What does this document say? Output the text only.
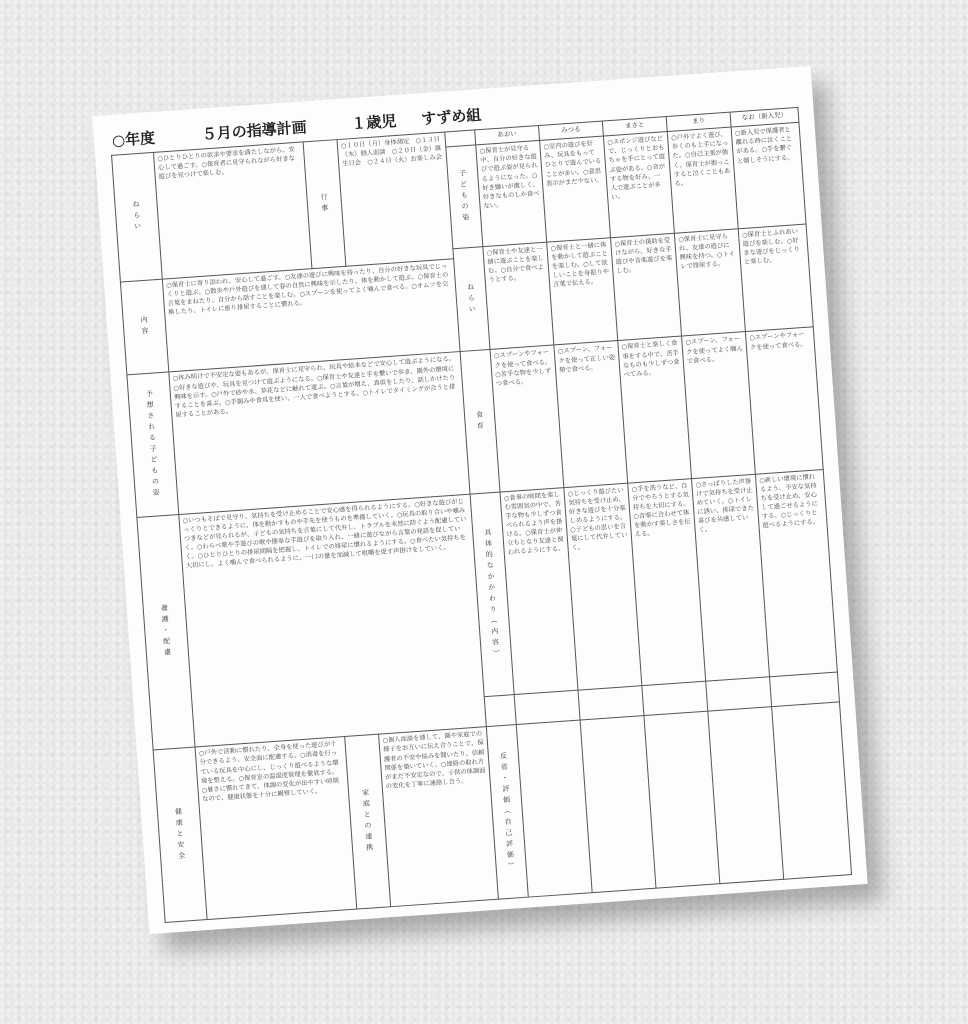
○年度	５月の指導計画	１歳児	すずめ組
ねらい	○ひとりひとりの欲求や要求を満たしながら、安心して過ごす。○保育者に見守られながら好きな遊びを見つけて楽しむ。	行事	○１０日（月）身体測定　○１３日（木）個人面談　○２０日（金）誕生日会　○２４日（火）お楽しみ会		あおい	みつる	まさと	まり	なお（新入児）
				子どもの姿	○保育士が見守る中、自分の好きな遊びで遊ぶ姿が見られるようになった。○好き嫌いが激しく、好きなものしか食べない。	○室内の遊びを好み、玩具をもってひとりで遊んでいることが多い。○意思表示がまだ少ない。	○スポンジ遊びなどで、じっくりとおもちゃを手にとって遊ぶ姿がある。○音がする物を好み、一人で遊ぶことが多い。	○戸外でよく遊び、歩くのも上手になった。○自己主張が強く、保育士が抱っこすると泣くこともある。	○新入児で保護者と離れる時に泣くことがある。○手を繋ぐと嬉しそうにする。
				ねらい	○保育士や友達と一緒に遊ぶことを楽しむ。○自分で食べようとする。	○保育士と一緒に体を動かして遊ぶことを楽しむ。○して欲しいことを身振りや言葉で伝える。	○保育士の援助を受けながら、好きな手遊びや音楽遊びを楽しむ。	○保育士に見守られ、友達の遊びに興味を持つ。○トイレで排尿する。	○保育士とふれあい遊びを楽しむ。○好きな遊びをじっくりと楽しむ。
内容	○保育士に寄り添われ、安心して過ごす。○友達の遊びに興味を持ったり、自分の好きな玩具でじっくりと遊ぶ。○散歩や戸外遊びを通して春の自然に興味を示したり、体を動かして遊ぶ。○保育士の言葉をまねたり、自分から話すことを楽しむ。○スプーンを使ってよく噛んで食べる。○オムツを交換したり、トイレに座り排尿することに慣れる。								
予想される子どもの姿	○休み明けで不安定な姿もあるが、保育士に見守られ、玩具や絵本などで安心して遊ぶようになる。○好きな遊びや、玩具を見つけて遊ぶようになる。○保育士や友達と手を繋いで歩き、園外の環境に興味を示す。○戸外で砂や水、草花などに触れて遊ぶ。○言葉が増え、真似をしたり、話しかけたりすることを喜ぶ。○手掴みや食具を使い、一人で食べようとする。○トイレでタイミングが合うと排尿することがある。			食育	○スプーンやフォークを使って食べる。○苦手な物を少しずつ食べる。	○スプーン、フォークを使って正しい姿勢で食べる。	○保育士と楽しく食事をする中で、苦手なものも少しずつ食べてみる。	○スプーン、フォークを使ってよく噛んで食べる。	○スプーンやフォークを使って食べる。
養護・配慮	○いつもそばで見守り、気持ちを受け止めることで安心感を得られるようにする。○好きな遊びがじっくりとできるように、体を動かすものや手先を使うものを準備していく。○玩具の取り合いや噛みつきなどが見られるが、子どもの気持ちを言葉にして代弁し、トラブルを未然に防ぐよう配慮していく。○わらべ歌や手遊びの歌や簡単な手遊びを取り入れ、一緒に遊びながら言葉の発語を促していく。○ひとりひとりの排尿間隔を把握し、トイレでの排尿に慣れるようにする。○食べたい気持ちを大切にし、よく噛んで食べられるように、一口の量を加減して咀嚼を促す声掛けをしていく。			具体的なかかわり（内容）	○食事の時間を楽しむ雰囲気の中で、苦手な物も少しずつ食べられるよう声を掛ける。○保育士が仲立ちとなり友達と関われるようにする。	○じっくり遊びたい気持ちを受け止め、好きな遊びを十分楽しめるようにする。○子どもの思いを言葉にして代弁していく。	○手を洗うなど、自分でやろうとする気持ちを大切にする。○音楽に合わせて体を動かす楽しさを伝える。	○さっぱりした声掛けで気持ちを受け止めていく。○トイレに誘い、排尿できた喜びを共感していく。	○新しい環境に慣れるよう、不安な気持ちを受け止め、安心して過ごせるようにする。○じっくりと遊べるようにする。

健康と安全	○戸外で活動に慣れたり、全身を使った遊びが十分できるよう、安全面に配慮する。○消毒を行っている玩具を中心にし、じっくり遊べるような環境を整える。○保育室の温湿度管理を徹底する。○暑さに慣れてきて、体調の変化が出やすい時期なので、健康状態を十分に観察していく。	家庭との連携	○個人面談を通して、園や家庭での様子をお互いに伝え合うことで、保護者の不安や悩みを聞いたり、信頼関係を築いていく。○連絡の取れ方がまだ不安定なので、子供の体調面の変化を丁寧に連絡し合う。	反省・評価（自己評価）					
